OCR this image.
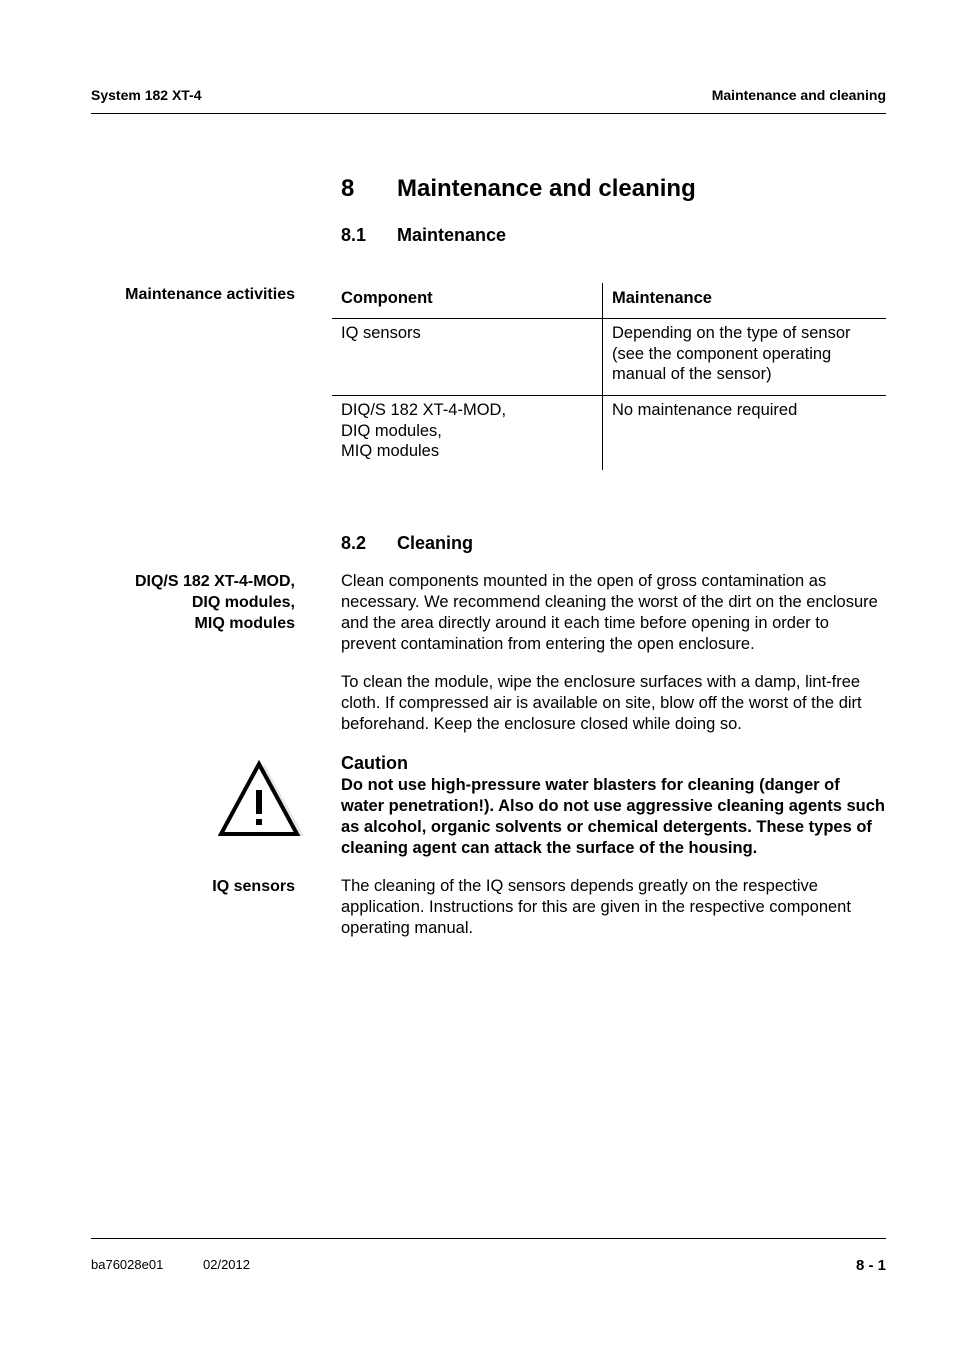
System 182 XT-4	Maintenance and cleaning
8 Maintenance and cleaning
8.1 Maintenance
Maintenance activities	Component	Maintenance

IQ sensors	Depending on the type of sensor
(see the component operating
manual of the sensor)

DIQ/S 182 XT-4-MOD,
DIQ modules,
MIQ modules	No maintenance required
8.2 Cleaning
DIQ/S 182 XT-4-MOD,
DIQ modules,
MIQ modules
Clean components mounted in the open of gross contamination as necessary. We recommend cleaning the worst of the dirt on the enclosure and the area directly around it each time before opening in order to prevent contamination from entering the open enclosure.
To clean the module, wipe the enclosure surfaces with a damp, lint-free cloth. If compressed air is available on site, blow off the worst of the dirt beforehand. Keep the enclosure closed while doing so.
Caution
Do not use high-pressure water blasters for cleaning (danger of water penetration!). Also do not use aggressive cleaning agents such as alcohol, organic solvents or chemical detergents. These types of cleaning agent can attack the surface of the housing.
IQ sensors	The cleaning of the IQ sensors depends greatly on the respective application. Instructions for this are given in the respective component operating manual.
ba76028e01	02/2012	8 - 1
